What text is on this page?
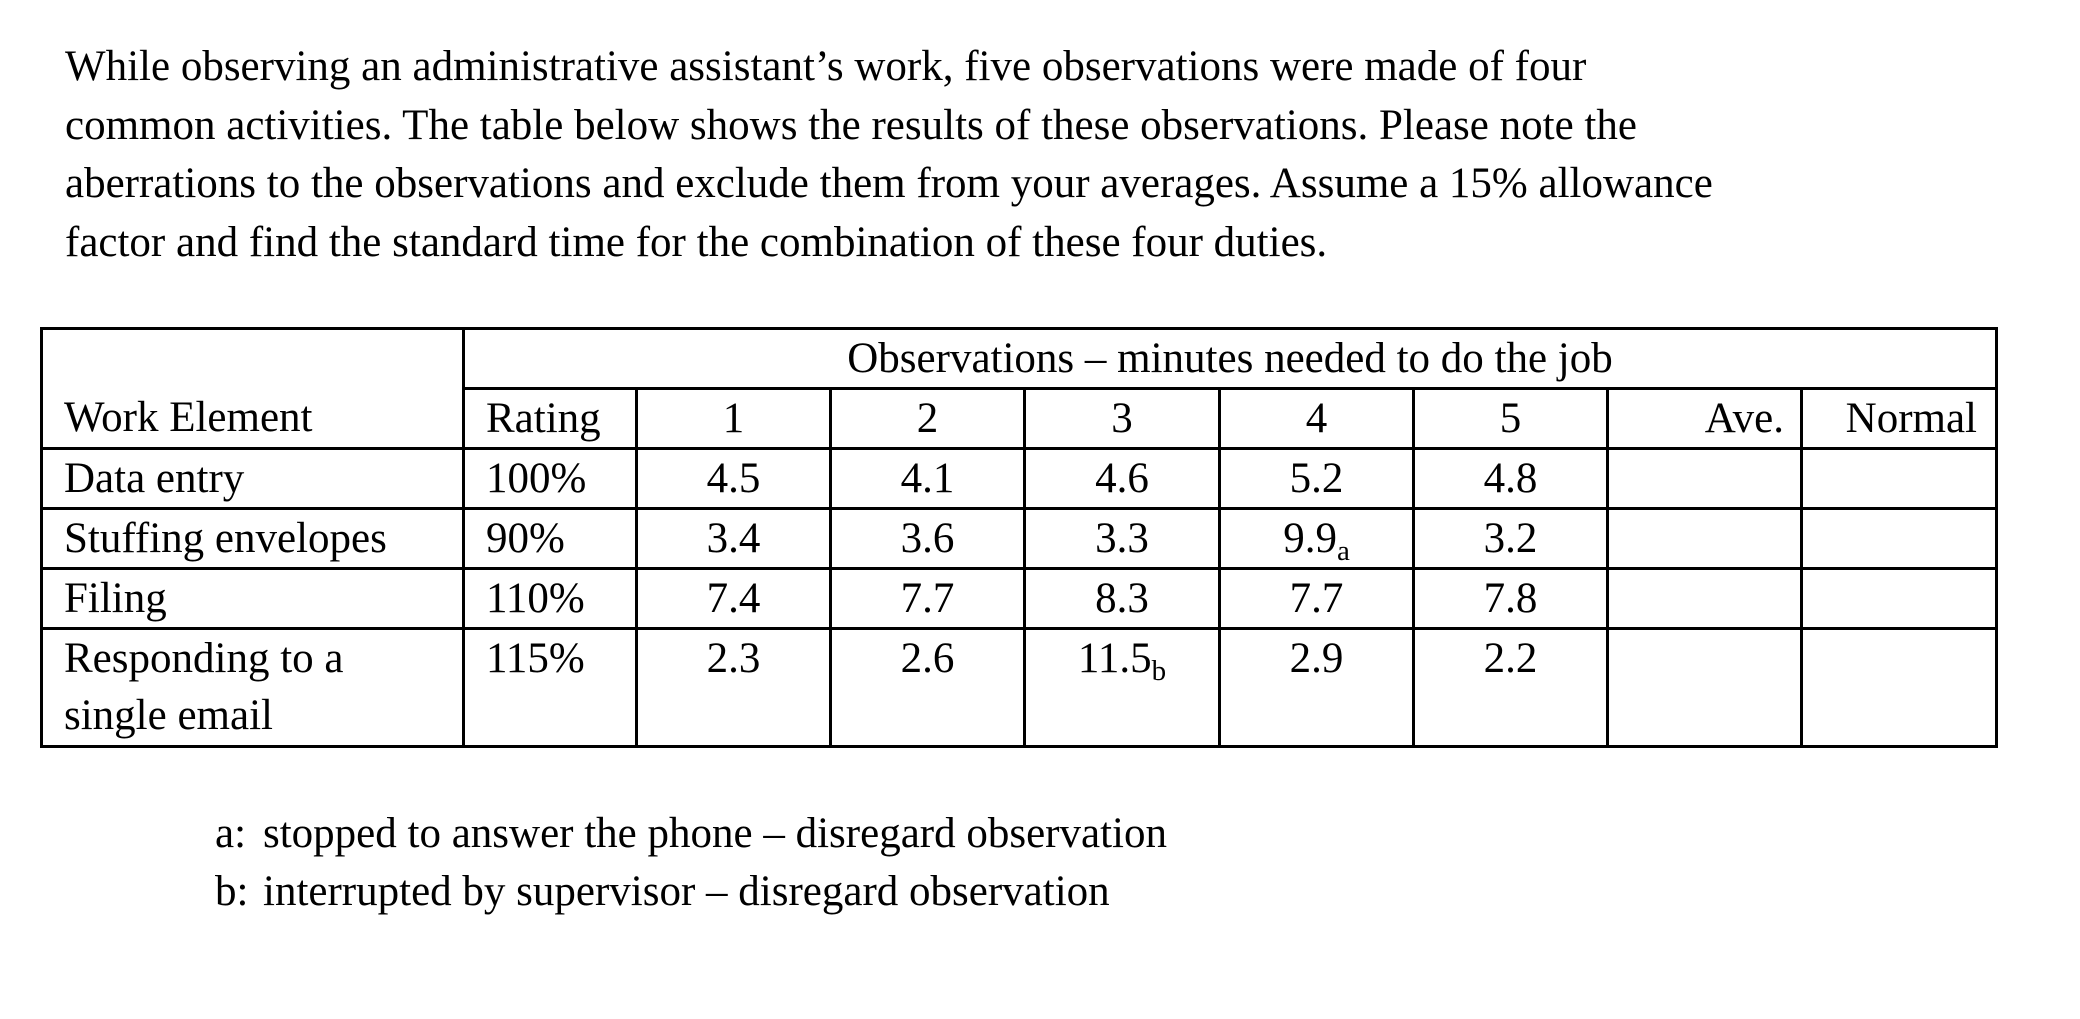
While observing an administrative assistant’s work, five observations were made of four
common activities. The table below shows the results of these observations. Please note the
aberrations to the observations and exclude them from your averages. Assume a 15% allowance
factor and find the standard time for the combination of these four duties.

	Observations – minutes needed to do the job							
Work Element	Rating	1	2	3	4	5	Ave.	Normal
Data entry	100%	4.5	4.1	4.6	5.2	4.8		
Stuffing envelopes	90%	3.4	3.6	3.3	$9.9_a$	3.2		
Filing	110%	7.4	7.7	8.3	7.7	7.8		

Responding to a
single email	115%	2.3	2.6	$11.5_b$	2.9	2.2		
a: stopped to answer the phone – disregard observation
b: interrupted by supervisor – disregard observation
